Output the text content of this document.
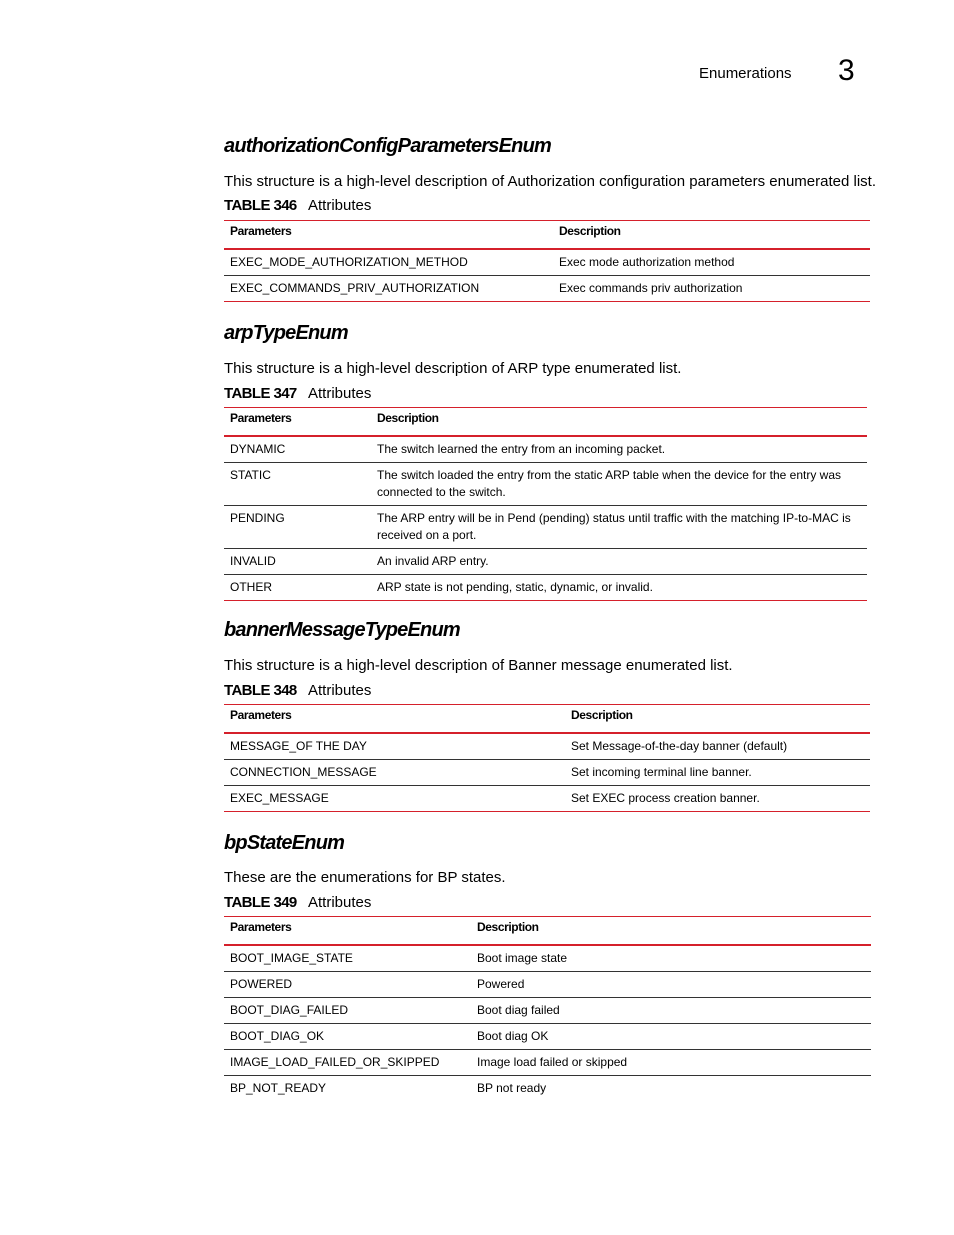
Enumerations 3
authorizationConfigParametersEnum

This structure is a high-level description of Authorization configuration parameters enumerated list.

TABLE 346 Attributes
Parameters	Description
EXEC_MODE_AUTHORIZATION_METHOD	Exec mode authorization method
EXEC_COMMANDS_PRIV_AUTHORIZATION	Exec commands priv authorization
arpTypeEnum

This structure is a high-level description of ARP type enumerated list.

TABLE 347 Attributes
Parameters	Description
DYNAMIC	The switch learned the entry from an incoming packet.
STATIC	The switch loaded the entry from the static ARP table when the device for the entry was connected to the switch.
PENDING	The ARP entry will be in Pend (pending) status until traffic with the matching IP-to-MAC is received on a port.
INVALID	An invalid ARP entry.
OTHER	ARP state is not pending, static, dynamic, or invalid.
bannerMessageTypeEnum

This structure is a high-level description of Banner message enumerated list.

TABLE 348 Attributes
Parameters	Description
MESSAGE_OF THE DAY	Set Message-of-the-day banner (default)
CONNECTION_MESSAGE	Set incoming terminal line banner.
EXEC_MESSAGE	Set EXEC process creation banner.
bpStateEnum

These are the enumerations for BP states.

TABLE 349 Attributes
Parameters	Description
BOOT_IMAGE_STATE	Boot image state
POWERED	Powered
BOOT_DIAG_FAILED	Boot diag failed
BOOT_DIAG_OK	Boot diag OK
IMAGE_LOAD_FAILED_OR_SKIPPED	Image load failed or skipped
BP_NOT_READY	BP not ready
